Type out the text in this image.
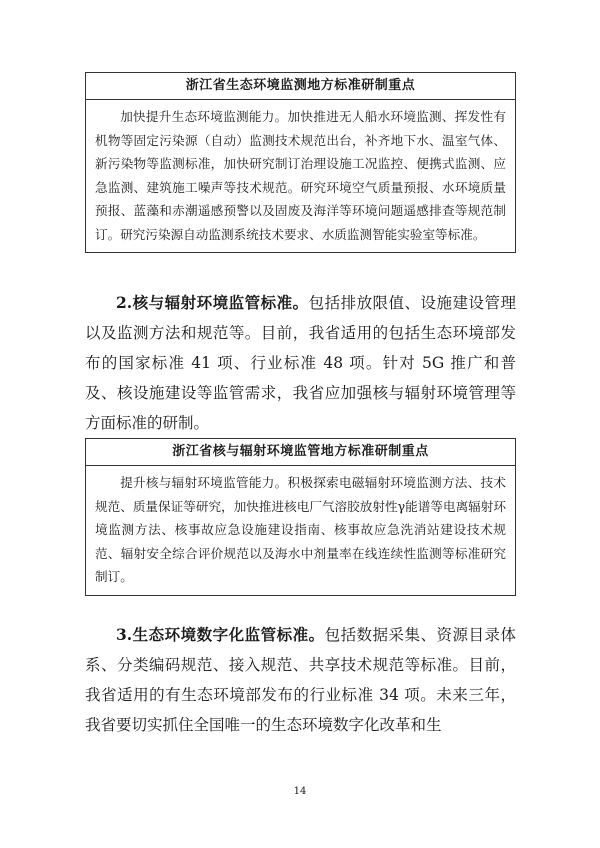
浙江省生态环境监测地方标准研制重点
加快提升生态环境监测能力。加快推进无人船水环境监测、挥发性有机物等固定污染源（自动）监测技术规范出台，补齐地下水、温室气体、新污染物等监测标准，加快研究制订治理设施工况监控、便携式监测、应急监测、建筑施工噪声等技术规范。研究环境空气质量预报、水环境质量预报、蓝藻和赤潮遥感预警以及固废及海洋等环境问题遥感排查等规范制订。研究污染源自动监测系统技术要求、水质监测智能实验室等标准。
2.核与辐射环境监管标准。包括排放限值、设施建设管理以及监测方法和规范等。目前，我省适用的包括生态环境部发布的国家标准 41 项、行业标准 48 项。针对 5G 推广和普及、核设施建设等监管需求，我省应加强核与辐射环境管理等方面标准的研制。
浙江省核与辐射环境监管地方标准研制重点
提升核与辐射环境监管能力。积极探索电磁辐射环境监测方法、技术规范、质量保证等研究，加快推进核电厂气溶胶放射性γ能谱等电离辐射环境监测方法、核事故应急设施建设指南、核事故应急洗消站建设技术规范、辐射安全综合评价规范以及海水中剂量率在线连续性监测等标准研究制订。
3.生态环境数字化监管标准。包括数据采集、资源目录体系、分类编码规范、接入规范、共享技术规范等标准。目前，我省适用的有生态环境部发布的行业标准 34 项。未来三年，我省要切实抓住全国唯一的生态环境数字化改革和生
14
